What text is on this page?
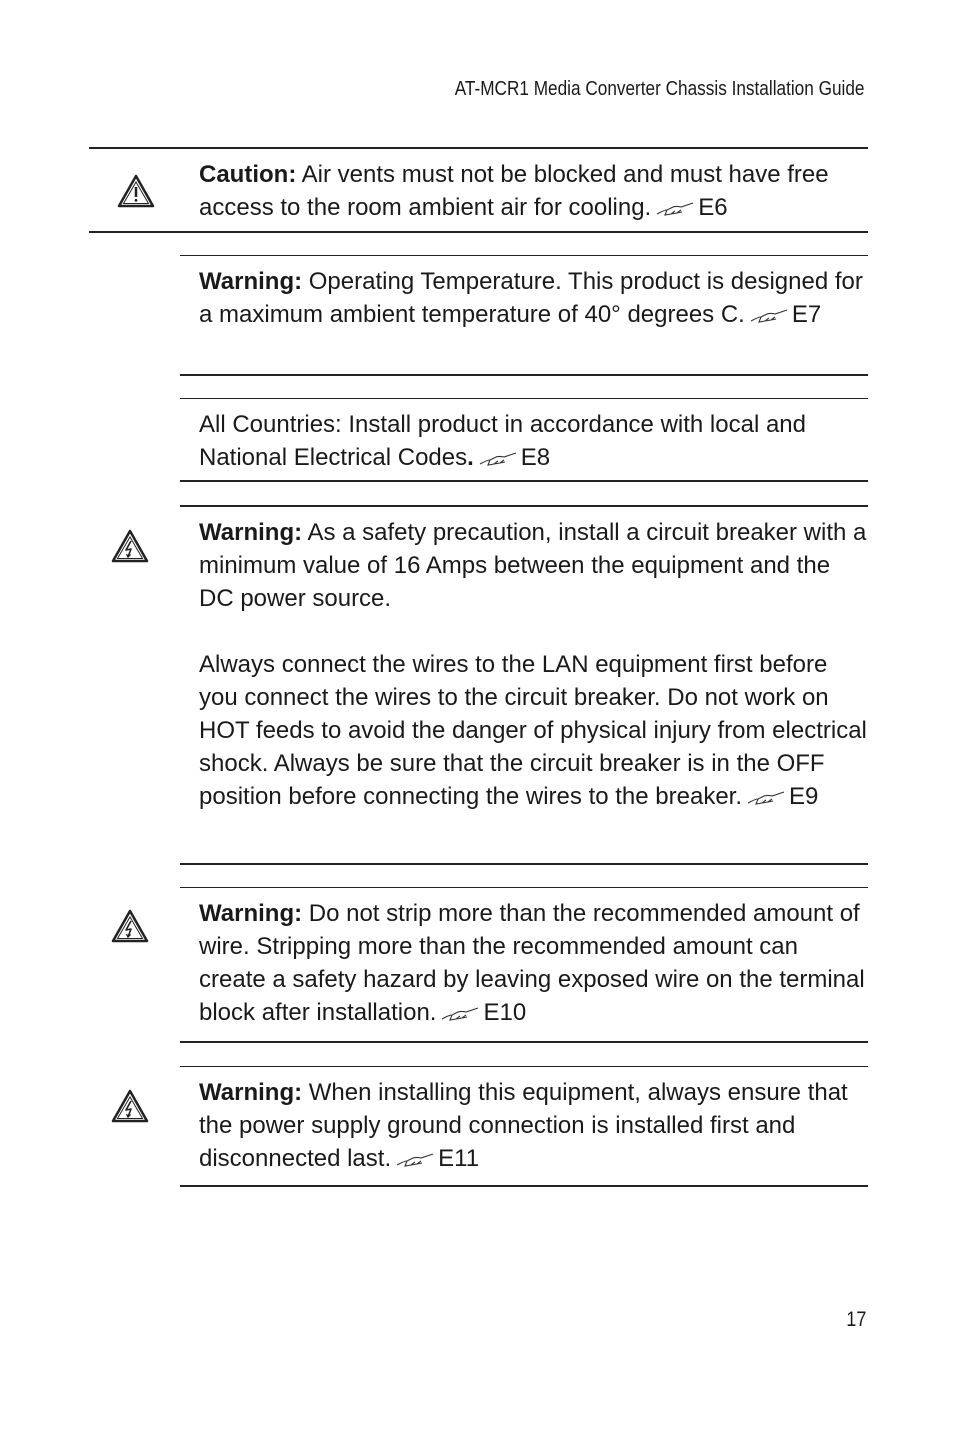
AT-MCR1 Media Converter Chassis Installation Guide

Caution: Air vents must not be blocked and must have free access to the room ambient air for cooling. E6

Warning: Operating Temperature. This product is designed for a maximum ambient temperature of 40° degrees C. E7

All Countries: Install product in accordance with local and National Electrical Codes. E8

Warning: As a safety precaution, install a circuit breaker with a minimum value of 16 Amps between the equipment and the DC power source.

Always connect the wires to the LAN equipment first before you connect the wires to the circuit breaker. Do not work on HOT feeds to avoid the danger of physical injury from electrical shock. Always be sure that the circuit breaker is in the OFF position before connecting the wires to the breaker. E9

Warning: Do not strip more than the recommended amount of wire. Stripping more than the recommended amount can create a safety hazard by leaving exposed wire on the terminal block after installation. E10

Warning: When installing this equipment, always ensure that the power supply ground connection is installed first and disconnected last. E11

17
